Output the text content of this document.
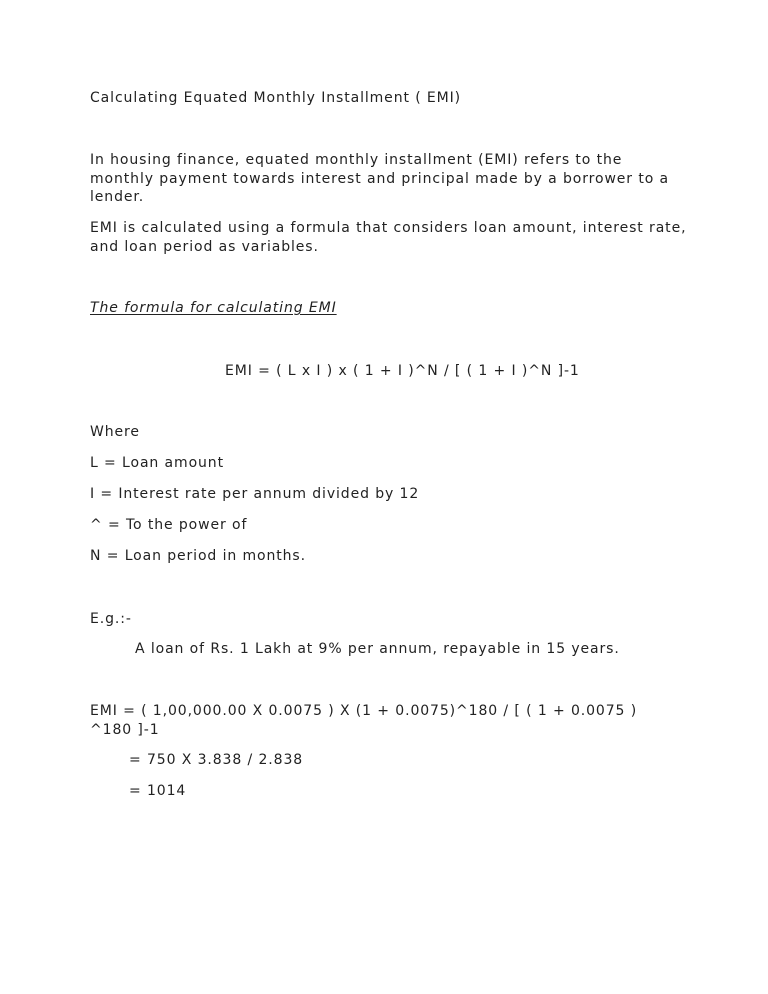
Calculating Equated Monthly Installment ( EMI)
In housing finance, equated monthly installment (EMI) refers to the monthly payment towards interest and principal made by a borrower to a lender.
EMI is calculated using a formula that considers loan amount, interest rate, and loan period as variables.
The formula for calculating EMI
EMI = ( L x I ) x ( 1 + I )^N / [ ( 1 + I )^N ]-1
Where
L = Loan amount
I = Interest rate per annum divided by 12
^ = To the power of
N = Loan period in months.
E.g.:-
A loan of Rs. 1 Lakh at 9% per annum, repayable in 15 years.
EMI = ( 1,00,000.00 X 0.0075 ) X (1 + 0.0075)^180 / [ ( 1 + 0.0075 )
^180 ]-1
= 750 X 3.838 / 2.838
= 1014
